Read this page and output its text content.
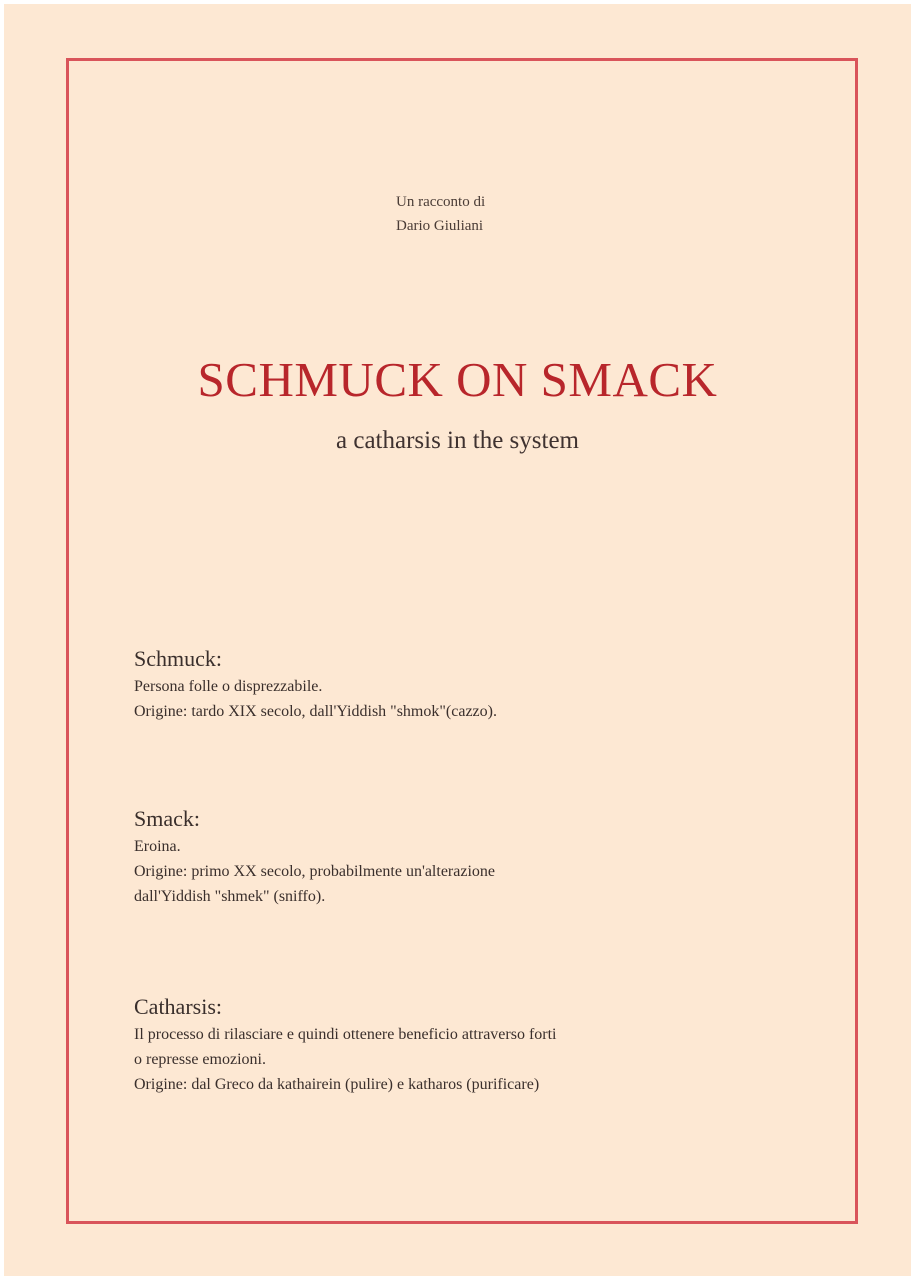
Un racconto di
Dario Giuliani
SCHMUCK ON SMACK
a catharsis in the system
Schmuck:
Persona folle o disprezzabile.
Origine: tardo XIX secolo, dall'Yiddish "shmok"(cazzo).
Smack:
Eroina.
Origine: primo XX secolo, probabilmente un'alterazione
dall'Yiddish "shmek" (sniffo).
Catharsis:
Il processo di rilasciare e quindi ottenere beneficio attraverso forti
o represse emozioni.
Origine: dal Greco da kathairein (pulire) e katharos (purificare)
